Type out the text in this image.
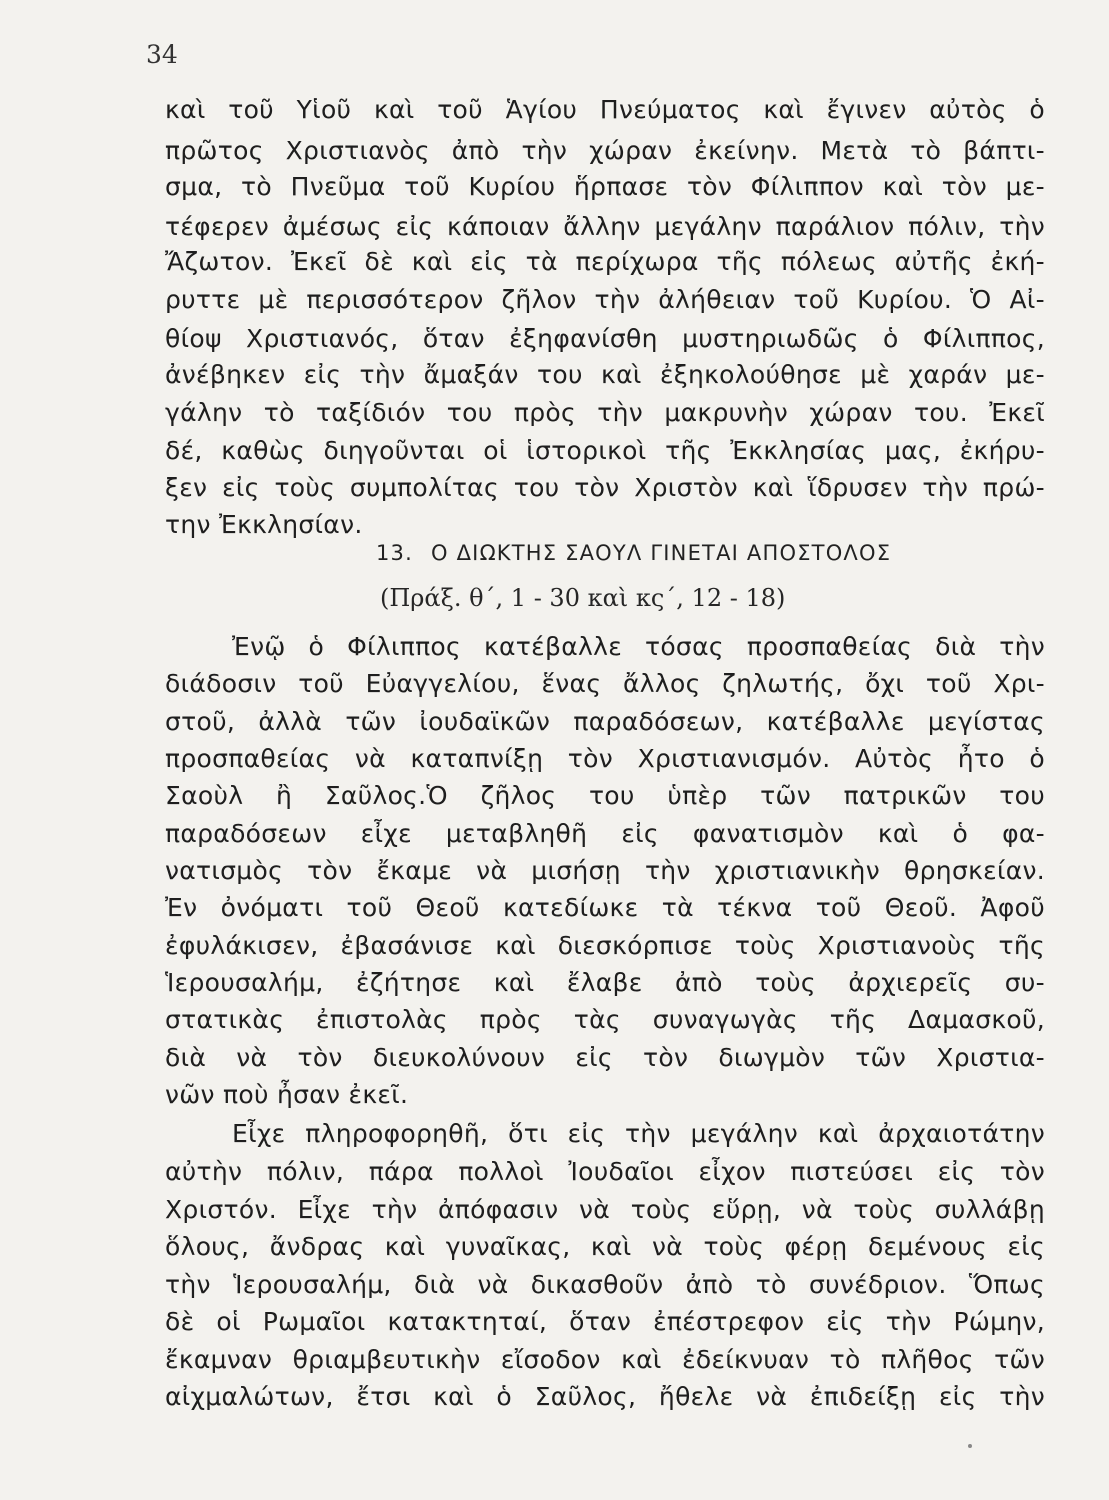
34

καὶ τοῦ Υἱοῦ καὶ τοῦ Ἁγίου Πνεύματος καὶ ἔγινεν αὐτὸς ὁ

πρῶτος Χριστιανὸς ἀπὸ τὴν χώραν ἐκείνην. Μετὰ τὸ βάπτι-

σμα, τὸ Πνεῦμα τοῦ Κυρίου ἥρπασε τὸν Φίλιππον καὶ τὸν με-

τέφερεν ἀμέσως εἰς κάποιαν ἄλλην μεγάλην παράλιον πόλιν, τὴν

Ἄζωτον. Ἐκεῖ δὲ καὶ εἰς τὰ περίχωρα τῆς πόλεως αὐτῆς ἐκή-

ρυττε μὲ περισσότερον ζῆλον τὴν ἀλήθειαν τοῦ Κυρίου. Ὁ Αἰ-

θίοψ Χριστιανός, ὅταν ἐξηφανίσθη μυστηριωδῶς ὁ Φίλιππος,

ἀνέβηκεν εἰς τὴν ἄμαξάν του καὶ ἐξηκολούθησε μὲ χαράν με-

γάλην τὸ ταξίδιόν του πρὸς τὴν μακρυνὴν χώραν του. Ἐκεῖ

δέ, καθὼς διηγοῦνται οἱ ἱστορικοὶ τῆς Ἐκκλησίας μας, ἐκήρυ-

ξεν εἰς τοὺς συμπολίτας του τὸν Χριστὸν καὶ ἵδρυσεν τὴν πρώ-

την Ἐκκλησίαν.

13. Ο ΔΙΩΚΤΗΣ ΣΑΟΥΛ ΓΙΝΕΤΑΙ ΑΠΟΣΤΟΛΟΣ
(Πράξ. θ΄, 1 - 30 καὶ κς΄, 12 - 18)

Ἐνῷ ὁ Φίλιππος κατέβαλλε τόσας προσπαθείας διὰ τὴν

διάδοσιν τοῦ Εὐαγγελίου, ἕνας ἄλλος ζηλωτής, ὄχι τοῦ Χρι-

στοῦ, ἀλλὰ τῶν ἰουδαϊκῶν παραδόσεων, κατέβαλλε μεγίστας

προσπαθείας νὰ καταπνίξῃ τὸν Χριστιανισμόν. Αὐτὸς ἦτο ὁ

Σαοὺλ ἢ Σαῦλος.Ὁ ζῆλος του ὑπὲρ τῶν πατρικῶν του

παραδόσεων εἶχε μεταβληθῆ εἰς φανατισμὸν καὶ ὁ φα-

νατισμὸς τὸν ἔκαμε νὰ μισήσῃ τὴν χριστιανικὴν θρησκείαν.

Ἐν ὀνόματι τοῦ Θεοῦ κατεδίωκε τὰ τέκνα τοῦ Θεοῦ. Ἀφοῦ

ἐφυλάκισεν, ἐβασάνισε καὶ διεσκόρπισε τοὺς Χριστιανοὺς τῆς

Ἱερουσαλήμ, ἐζήτησε καὶ ἔλαβε ἀπὸ τοὺς ἀρχιερεῖς συ-

στατικὰς ἐπιστολὰς πρὸς τὰς συναγωγὰς τῆς Δαμασκοῦ,

διὰ νὰ τὸν διευκολύνουν εἰς τὸν διωγμὸν τῶν Χριστια-

νῶν ποὺ ἦσαν ἐκεῖ.

Εἶχε πληροφορηθῆ, ὅτι εἰς τὴν μεγάλην καὶ ἀρχαιοτάτην

αὐτὴν πόλιν, πάρα πολλοὶ Ἰουδαῖοι εἶχον πιστεύσει εἰς τὸν

Χριστόν. Εἶχε τὴν ἀπόφασιν νὰ τοὺς εὕρῃ, νὰ τοὺς συλλάβῃ

ὅλους, ἄνδρας καὶ γυναῖκας, καὶ νὰ τοὺς φέρῃ δεμένους εἰς

τὴν Ἱερουσαλήμ, διὰ νὰ δικασθοῦν ἀπὸ τὸ συνέδριον. Ὅπως

δὲ οἱ Ρωμαῖοι κατακτηταί, ὅταν ἐπέστρεφον εἰς τὴν Ρώμην,

ἔκαμναν θριαμβευτικὴν εἴσοδον καὶ ἐδείκνυαν τὸ πλῆθος τῶν

αἰχμαλώτων, ἔτσι καὶ ὁ Σαῦλος, ἤθελε νὰ ἐπιδείξῃ εἰς τὴν
